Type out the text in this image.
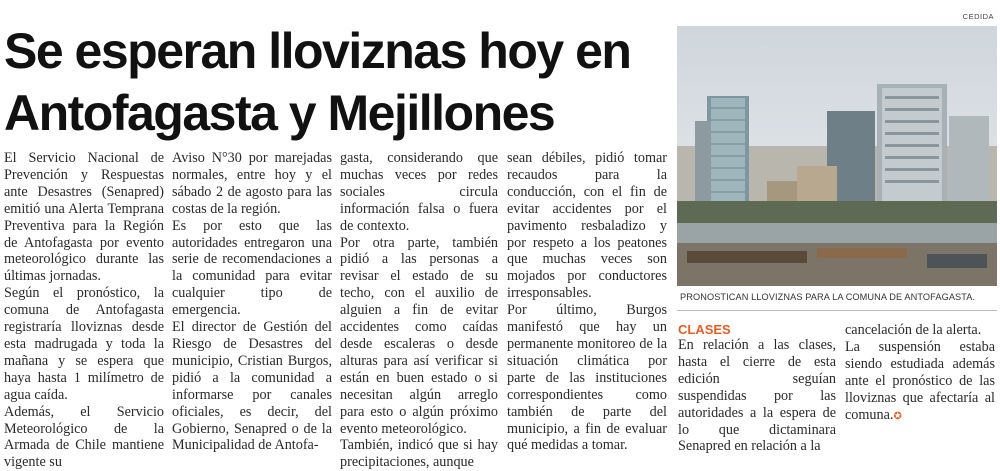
CEDIDA
Se esperan lloviznas hoy en Antofagasta y Mejillones

El Servicio Nacional de Prevención y Respuestas ante Desastres (Senapred) emitió una Alerta Temprana Preventiva para la Región de Antofagasta por evento meteorológico durante las últimas jornadas.

Según el pronóstico, la comuna de Antofagasta registraría lloviznas desde esta madrugada y toda la mañana y se espera que haya hasta 1 milímetro de agua caída.

Además, el Servicio Meteorológico de la Armada de Chile mantiene vigente su

Aviso N°30 por marejadas normales, entre hoy y el sábado 2 de agosto para las costas de la región.

Es por esto que las autoridades entregaron una serie de recomendaciones a la comunidad para evitar cualquier tipo de emergencia.

El director de Gestión del Riesgo de Desastres del municipio, Cristian Burgos, pidió a la comunidad a informarse por canales oficiales, es decir, del Gobierno, Senapred o de la Municipalidad de Antofa-

gasta, considerando que muchas veces por redes sociales circula información falsa o fuera de contexto.

Por otra parte, también pidió a las personas a revisar el estado de su techo, con el auxilio de alguien a fin de evitar accidentes como caídas desde escaleras o desde alturas para así verificar si están en buen estado o si necesitan algún arreglo para esto o algún próximo evento meteorológico.

También, indicó que si hay precipitaciones, aunque

sean débiles, pidió tomar recaudos para la conducción, con el fin de evitar accidentes por el pavimento resbaladizo y por respeto a los peatones que muchas veces son mojados por conductores irresponsables.

Por último, Burgos manifestó que hay un permanente monitoreo de la situación climática por parte de las instituciones correspondientes como también de parte del municipio, a fin de evaluar qué medidas a tomar.

PRONOSTICAN LLOVIZNAS PARA LA COMUNA DE ANTOFAGASTA.
CLASES

En relación a las clases, hasta el cierre de esta edición seguían suspendidas por las autoridades a la espera de lo que dictaminara Senapred en relación a la

cancelación de la alerta.

La suspensión estaba siendo estudiada además ante el pronóstico de las lloviznas que afectaría al comuna.✪
